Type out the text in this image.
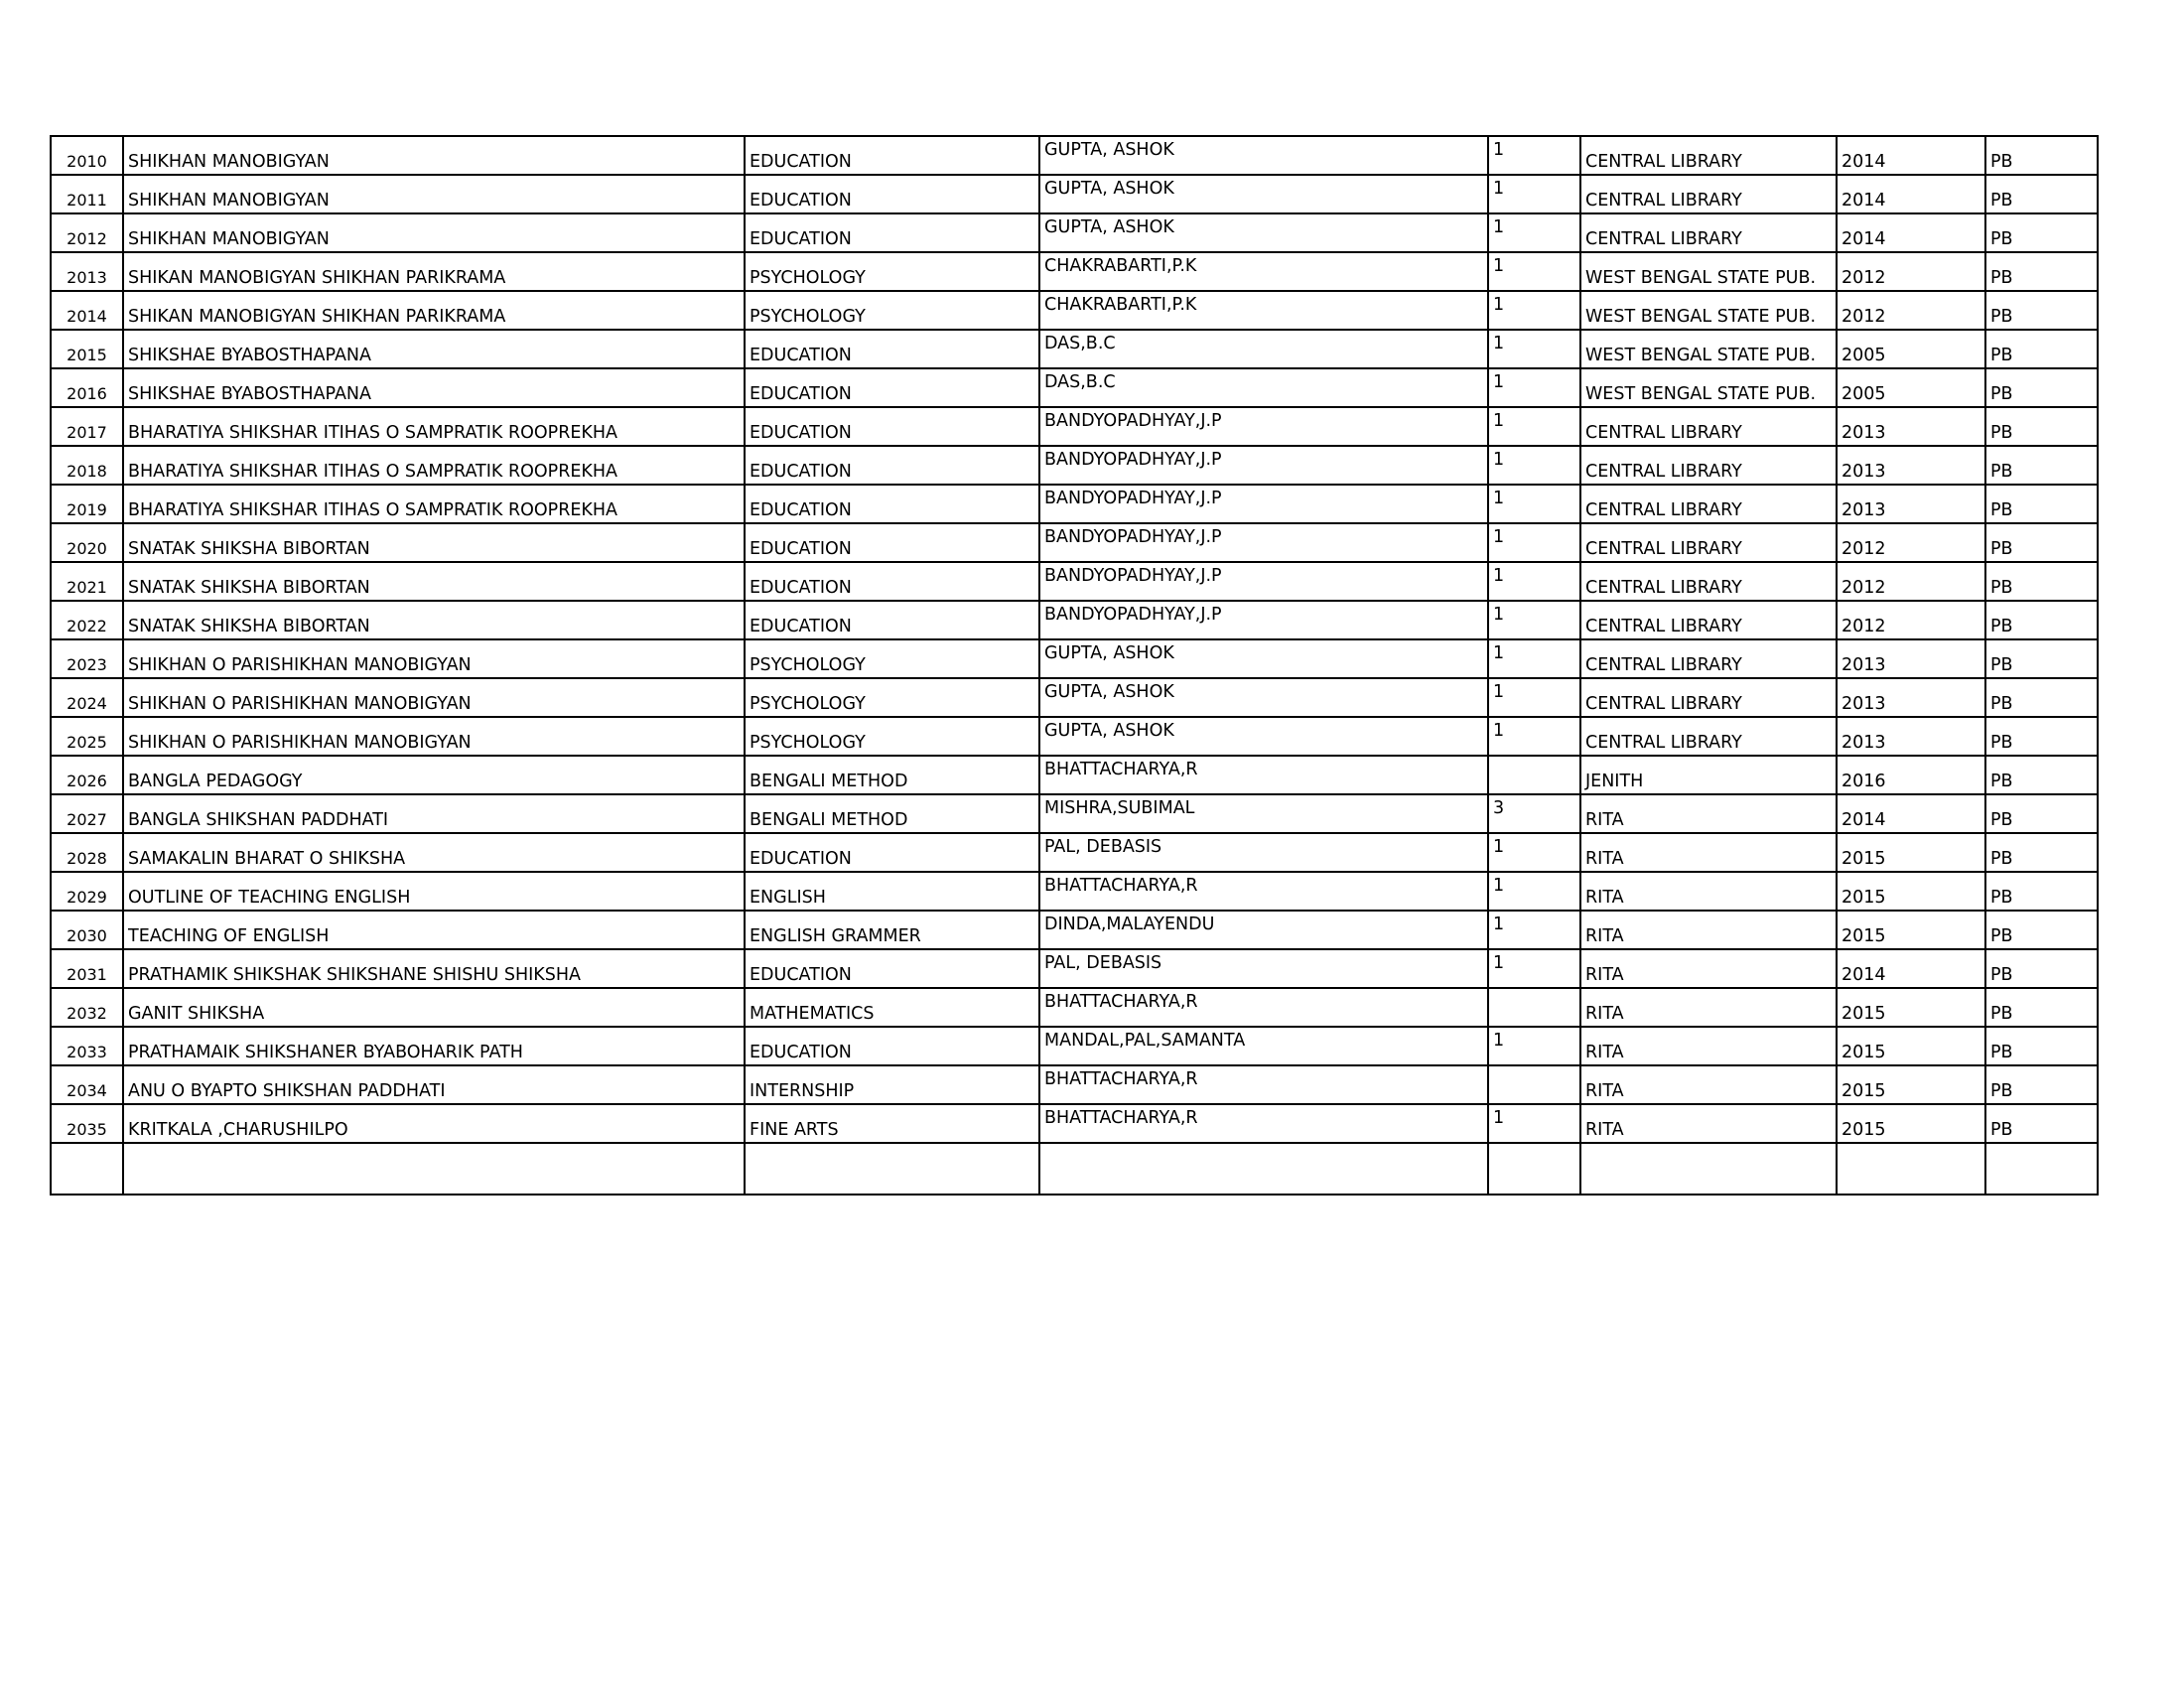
2010	SHIKHAN MANOBIGYAN	EDUCATION	GUPTA, ASHOK	1	CENTRAL LIBRARY	2014	PB
2011	SHIKHAN MANOBIGYAN	EDUCATION	GUPTA, ASHOK	1	CENTRAL LIBRARY	2014	PB
2012	SHIKHAN MANOBIGYAN	EDUCATION	GUPTA, ASHOK	1	CENTRAL LIBRARY	2014	PB
2013	SHIKAN MANOBIGYAN SHIKHAN PARIKRAMA	PSYCHOLOGY	CHAKRABARTI,P.K	1	WEST BENGAL STATE PUB.	2012	PB
2014	SHIKAN MANOBIGYAN SHIKHAN PARIKRAMA	PSYCHOLOGY	CHAKRABARTI,P.K	1	WEST BENGAL STATE PUB.	2012	PB
2015	SHIKSHAE BYABOSTHAPANA	EDUCATION	DAS,B.C	1	WEST BENGAL STATE PUB.	2005	PB
2016	SHIKSHAE BYABOSTHAPANA	EDUCATION	DAS,B.C	1	WEST BENGAL STATE PUB.	2005	PB
2017	BHARATIYA SHIKSHAR ITIHAS O SAMPRATIK ROOPREKHA	EDUCATION	BANDYOPADHYAY,J.P	1	CENTRAL LIBRARY	2013	PB
2018	BHARATIYA SHIKSHAR ITIHAS O SAMPRATIK ROOPREKHA	EDUCATION	BANDYOPADHYAY,J.P	1	CENTRAL LIBRARY	2013	PB
2019	BHARATIYA SHIKSHAR ITIHAS O SAMPRATIK ROOPREKHA	EDUCATION	BANDYOPADHYAY,J.P	1	CENTRAL LIBRARY	2013	PB
2020	SNATAK SHIKSHA BIBORTAN	EDUCATION	BANDYOPADHYAY,J.P	1	CENTRAL LIBRARY	2012	PB
2021	SNATAK SHIKSHA BIBORTAN	EDUCATION	BANDYOPADHYAY,J.P	1	CENTRAL LIBRARY	2012	PB
2022	SNATAK SHIKSHA BIBORTAN	EDUCATION	BANDYOPADHYAY,J.P	1	CENTRAL LIBRARY	2012	PB
2023	SHIKHAN O PARISHIKHAN MANOBIGYAN	PSYCHOLOGY	GUPTA, ASHOK	1	CENTRAL LIBRARY	2013	PB
2024	SHIKHAN O PARISHIKHAN MANOBIGYAN	PSYCHOLOGY	GUPTA, ASHOK	1	CENTRAL LIBRARY	2013	PB
2025	SHIKHAN O PARISHIKHAN MANOBIGYAN	PSYCHOLOGY	GUPTA, ASHOK	1	CENTRAL LIBRARY	2013	PB
2026	BANGLA PEDAGOGY	BENGALI METHOD	BHATTACHARYA,R		JENITH	2016	PB
2027	BANGLA SHIKSHAN PADDHATI	BENGALI METHOD	MISHRA,SUBIMAL	3	RITA	2014	PB
2028	SAMAKALIN BHARAT O SHIKSHA	EDUCATION	PAL, DEBASIS	1	RITA	2015	PB
2029	OUTLINE OF TEACHING ENGLISH	ENGLISH	BHATTACHARYA,R	1	RITA	2015	PB
2030	TEACHING OF ENGLISH	ENGLISH GRAMMER	DINDA,MALAYENDU	1	RITA	2015	PB
2031	PRATHAMIK SHIKSHAK SHIKSHANE SHISHU SHIKSHA	EDUCATION	PAL, DEBASIS	1	RITA	2014	PB
2032	GANIT SHIKSHA	MATHEMATICS	BHATTACHARYA,R		RITA	2015	PB
2033	PRATHAMAIK SHIKSHANER BYABOHARIK PATH	EDUCATION	MANDAL,PAL,SAMANTA	1	RITA	2015	PB
2034	ANU O BYAPTO SHIKSHAN PADDHATI	INTERNSHIP	BHATTACHARYA,R		RITA	2015	PB
2035	KRITKALA ,CHARUSHILPO	FINE ARTS	BHATTACHARYA,R	1	RITA	2015	PB
